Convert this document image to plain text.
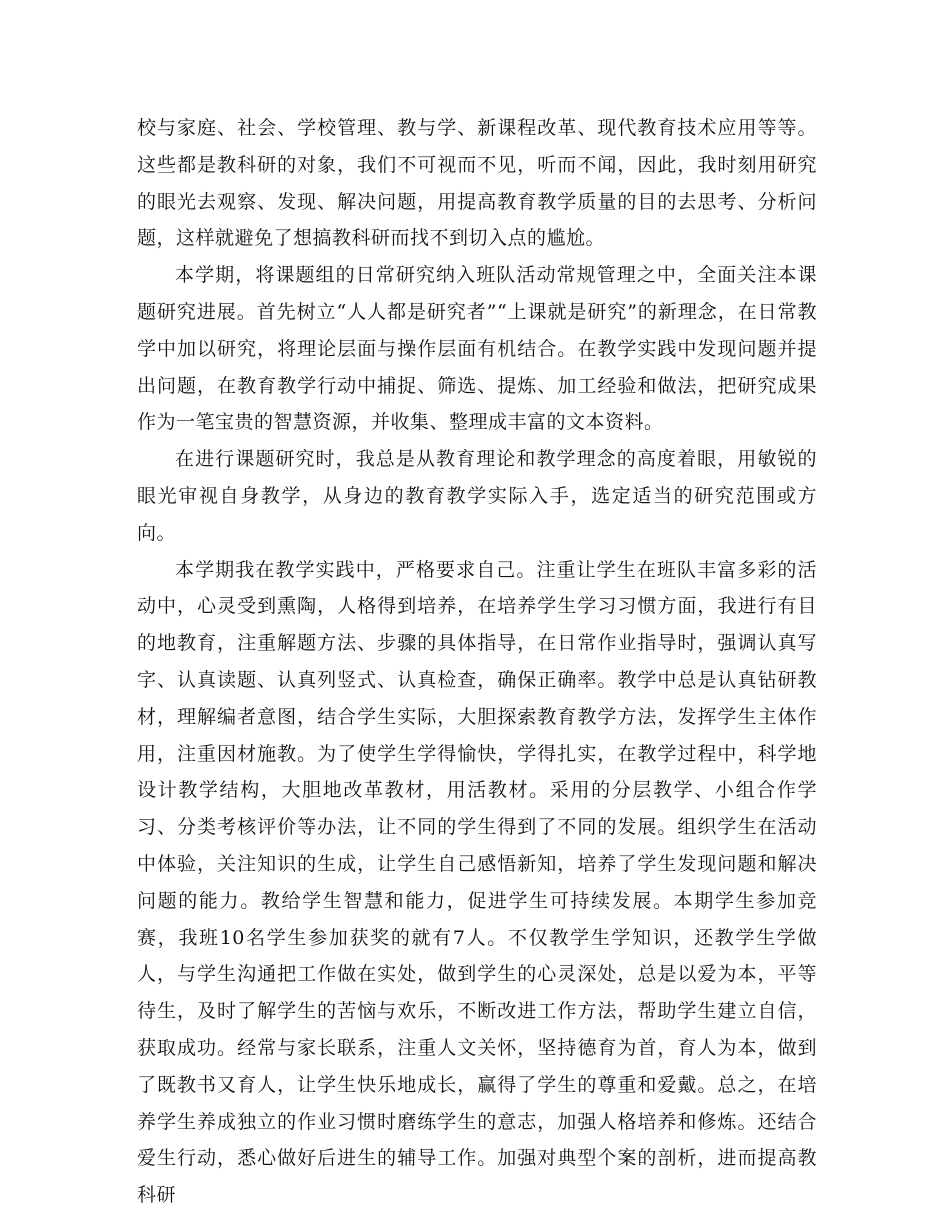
校与家庭、社会、学校管理、教与学、新课程改革、现代教育技术应用等等。这些都是教科研的对象，我们不可视而不见，听而不闻，因此，我时刻用研究的眼光去观察、发现、解决问题，用提高教育教学质量的目的去思考、分析问题，这样就避免了想搞教科研而找不到切入点的尴尬。

本学期，将课题组的日常研究纳入班队活动常规管理之中，全面关注本课题研究进展。首先树立“人人都是研究者”“上课就是研究”的新理念，在日常教学中加以研究，将理论层面与操作层面有机结合。在教学实践中发现问题并提出问题，在教育教学行动中捕捉、筛选、提炼、加工经验和做法，把研究成果作为一笔宝贵的智慧资源，并收集、整理成丰富的文本资料。

在进行课题研究时，我总是从教育理论和教学理念的高度着眼，用敏锐的眼光审视自身教学，从身边的教育教学实际入手，选定适当的研究范围或方向。

本学期我在教学实践中，严格要求自己。注重让学生在班队丰富多彩的活动中，心灵受到熏陶，人格得到培养，在培养学生学习习惯方面，我进行有目的地教育，注重解题方法、步骤的具体指导，在日常作业指导时，强调认真写字、认真读题、认真列竖式、认真检查，确保正确率。教学中总是认真钻研教材，理解编者意图，结合学生实际，大胆探索教育教学方法，发挥学生主体作用，注重因材施教。为了使学生学得愉快，学得扎实，在教学过程中，科学地设计教学结构，大胆地改革教材，用活教材。采用的分层教学、小组合作学习、分类考核评价等办法，让不同的学生得到了不同的发展。组织学生在活动中体验，关注知识的生成，让学生自己感悟新知，培养了学生发现问题和解决问题的能力。教给学生智慧和能力，促进学生可持续发展。本期学生参加竞赛，我班10名学生参加获奖的就有7人。不仅教学生学知识，还教学生学做人，与学生沟通把工作做在实处，做到学生的心灵深处，总是以爱为本，平等待生，及时了解学生的苦恼与欢乐，不断改进工作方法，帮助学生建立自信，获取成功。经常与家长联系，注重人文关怀，坚持德育为首，育人为本，做到了既教书又育人，让学生快乐地成长，赢得了学生的尊重和爱戴。总之，在培养学生养成独立的作业习惯时磨练学生的意志，加强人格培养和修炼。还结合爱生行动，悉心做好后进生的辅导工作。加强对典型个案的剖析，进而提高教科研
